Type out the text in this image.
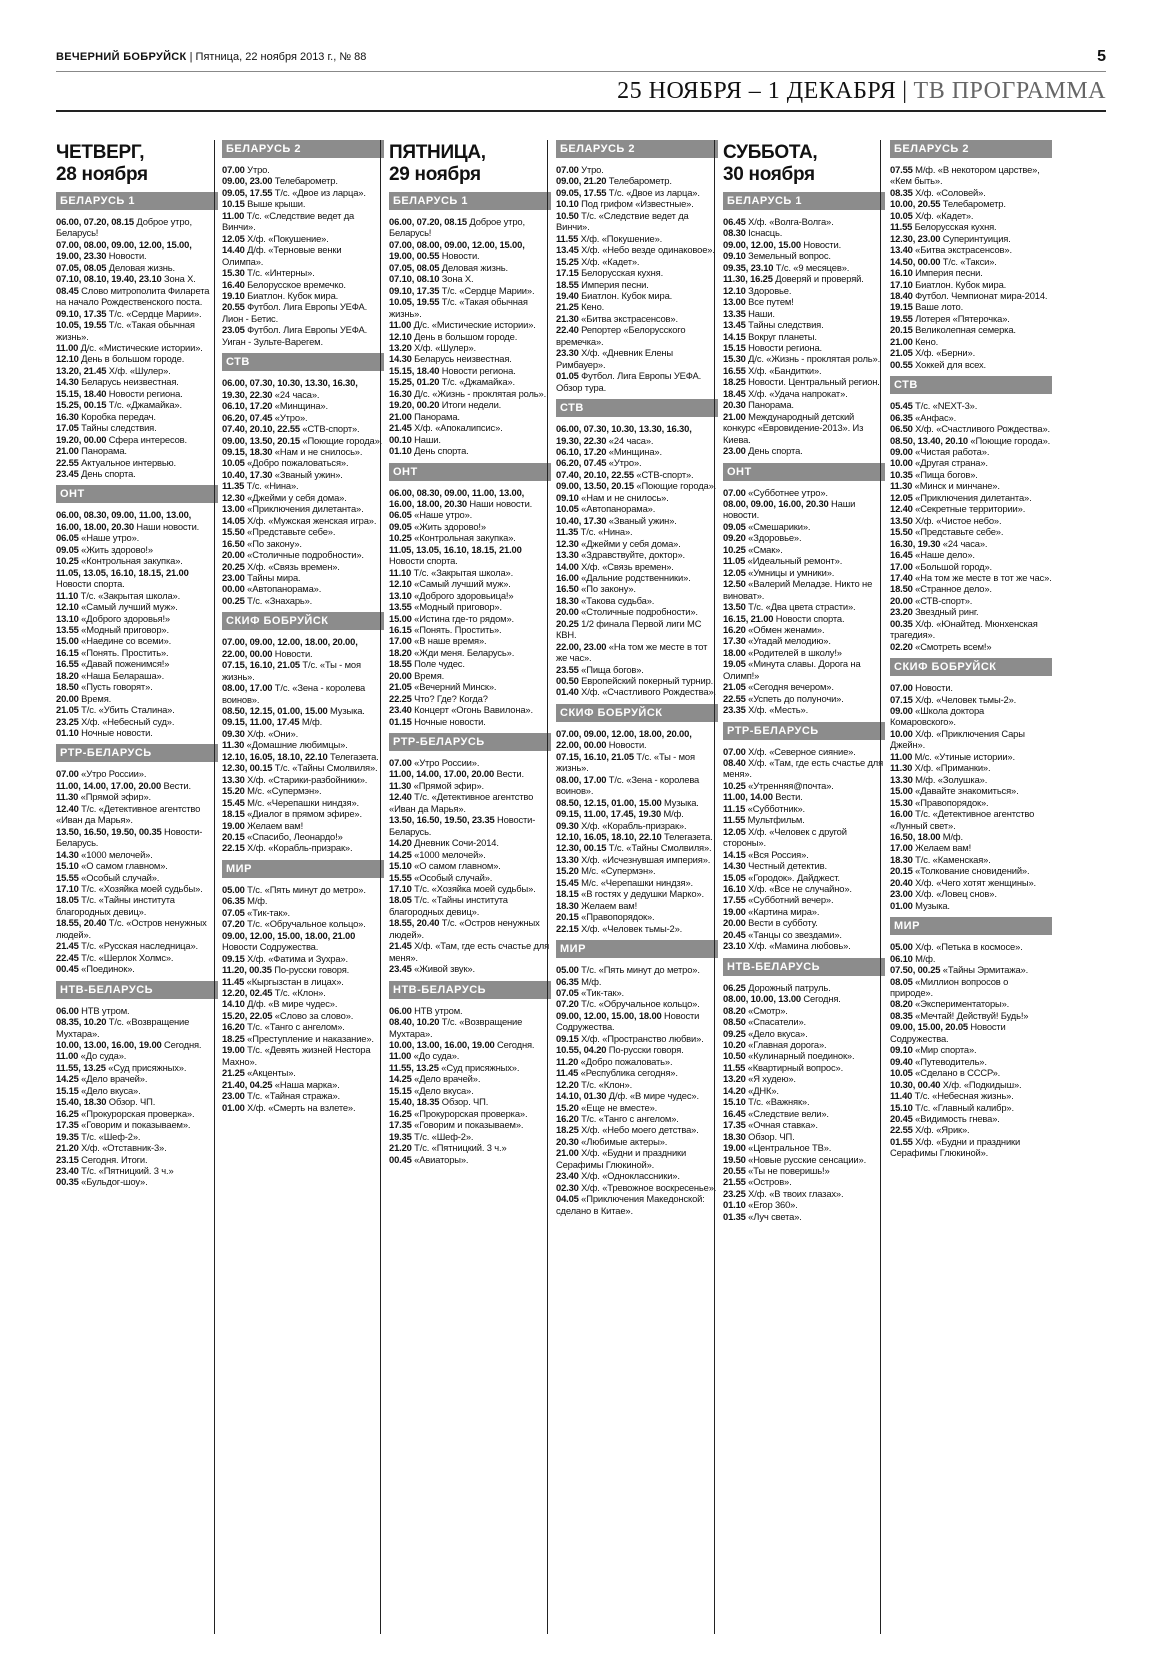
ВЕЧЕРНИЙ БОБРУЙСК | Пятница, 22 ноября 2013 г., № 88	5
25 НОЯБРЯ – 1 ДЕКАБРЯ | ТВ ПРОГРАММА
ЧЕТВЕРГ,
28 ноября
БЕЛАРУСЬ 1
06.00, 07.20, 08.15 Доброе утро, Беларусь!
07.00, 08.00, 09.00, 12.00, 15.00, 19.00, 23.30 Новости.
07.05, 08.05 Деловая жизнь.
07.10, 08.10, 19.40, 23.10 Зона Х.
08.45 Слово митрополита Филарета на начало Рождественского поста.
09.10, 17.35 Т/с. «Сердце Марии».
10.05, 19.55 Т/с. «Такая обычная жизнь».
11.00 Д/с. «Мистические истории».
12.10 День в большом городе.
13.20, 21.45 Х/ф. «Шулер».
14.30 Беларусь неизвестная.
15.15, 18.40 Новости региона.
15.25, 00.15 Т/с. «Джамайка».
16.30 Коробка передач.
17.05 Тайны следствия.
19.20, 00.00 Сфера интересов.
21.00 Панорама.
22.55 Актуальное интервью.
23.45 День спорта.
ОНТ
06.00, 08.30, 09.00, 11.00, 13.00, 16.00, 18.00, 20.30 Наши новости.
06.05 «Наше утро».
09.05 «Жить здорово!»
10.25 «Контрольная закупка».
11.05, 13.05, 16.10, 18.15, 21.00 Новости спорта.
11.10 Т/с. «Закрытая школа».
12.10 «Самый лучший муж».
13.10 «Доброго здоровья!»
13.55 «Модный приговор».
15.00 «Наедине со всеми».
16.15 «Понять. Простить».
16.55 «Давай поженимся!»
18.20 «Наша Белараша».
18.50 «Пусть говорят».
20.00 Время.
21.05 Т/с. «Убить Сталина».
23.25 Х/ф. «Небесный суд».
01.10 Ночные новости.
РТР-БЕЛАРУСЬ
07.00 «Утро России».
11.00, 14.00, 17.00, 20.00 Вести.
11.30 «Прямой эфир».
12.40 Т/с. «Детективное агентство «Иван да Марья».
13.50, 16.50, 19.50, 00.35 Новости-Беларусь.
14.30 «1000 мелочей».
15.10 «О самом главном».
15.55 «Особый случай».
17.10 Т/с. «Хозяйка моей судьбы».
18.05 Т/с. «Тайны института благородных девиц».
18.55, 20.40 Т/с. «Остров ненужных людей».
21.45 Т/с. «Русская наследница».
22.45 Т/с. «Шерлок Холмс».
00.45 «Поединок».
НТВ-БЕЛАРУСЬ
06.00 НТВ утром.
08.35, 10.20 Т/с. «Возвращение Мухтара».
10.00, 13.00, 16.00, 19.00 Сегодня.
11.00 «До суда».
11.55, 13.25 «Суд присяжных».
14.25 «Дело врачей».
15.15 «Дело вкуса».
15.40, 18.30 Обзор. ЧП.
16.25 «Прокурорская проверка».
17.35 «Говорим и показываем».
19.35 Т/с. «Шеф-2».
21.20 Х/ф. «Отставник-3».
23.15 Сегодня. Итоги.
23.40 Т/с. «Пятницкий. 3 ч.»
00.35 «Бульдог-шоу».
БЕЛАРУСЬ 2
07.00 Утро.
09.00, 23.00 Телебарометр.
09.05, 17.55 Т/с. «Двое из ларца».
10.15 Выше крыши.
11.00 Т/с. «Следствие ведет да Винчи».
12.05 Х/ф. «Покушение».
14.40 Д/ф. «Терновые венки Олимпа».
15.30 Т/с. «Интерны».
16.40 Белорусское времечко.
19.10 Биатлон. Кубок мира.
20.55 Футбол. Лига Европы УЕФА. Лион - Бетис.
23.05 Футбол. Лига Европы УЕФА. Уиган - Зульте-Варегем.
СТВ
06.00, 07.30, 10.30, 13.30, 16.30, 19.30, 22.30 «24 часа».
06.10, 17.20 «Минщина».
06.20, 07.45 «Утро».
07.40, 20.10, 22.55 «СТВ-спорт».
09.00, 13.50, 20.15 «Поющие города».
09.15, 18.30 «Нам и не снилось».
10.05 «Добро пожаловаться».
10.40, 17.30 «Званый ужин».
11.35 Т/с. «Нина».
12.30 «Джейми у себя дома».
13.00 «Приключения дилетанта».
14.05 Х/ф. «Мужская женская игра».
15.50 «Представьте себе».
16.50 «По закону».
20.00 «Столичные подробности».
20.25 Х/ф. «Связь времен».
23.00 Тайны мира.
00.00 «Автопанорама».
00.25 Т/с. «Знахарь».
СКИФ БОБРУЙСК
07.00, 09.00, 12.00, 18.00, 20.00, 22.00, 00.00 Новости.
07.15, 16.10, 21.05 Т/с. «Ты - моя жизнь».
08.00, 17.00 Т/с. «Зена - королева воинов».
08.50, 12.15, 01.00, 15.00 Музыка.
09.15, 11.00, 17.45 М/ф.
09.30 Х/ф. «Они».
11.30 «Домашние любимцы».
12.10, 16.05, 18.10, 22.10 Телегазета.
12.30, 00.15 Т/с. «Тайны Смолвиля».
13.30 Х/ф. «Старики-разбойники».
15.20 М/с. «Супермэн».
15.45 М/с. «Черепашки ниндзя».
18.15 «Диалог в прямом эфире».
19.00 Желаем вам!
20.15 «Спасибо, Леонардо!»
22.15 Х/ф. «Корабль-призрак».
МИР
05.00 Т/с. «Пять минут до метро».
06.35 М/ф.
07.05 «Тик-так».
07.20 Т/с. «Обручальное кольцо».
09.00, 12.00, 15.00, 18.00, 21.00 Новости Содружества.
09.15 Х/ф. «Фатима и Зухра».
11.20, 00.35 По-русски говоря.
11.45 «Кыргызстан в лицах».
12.20, 02.45 Т/с. «Клон».
14.10 Д/ф. «В мире чудес».
15.20, 22.05 «Слово за слово».
16.20 Т/с. «Танго с ангелом».
18.25 «Преступление и наказание».
19.00 Т/с. «Девять жизней Нестора Махно».
21.25 «Акценты».
21.40, 04.25 «Наша марка».
23.00 Т/с. «Тайная стража».
01.00 Х/ф. «Смерть на взлете».
ПЯТНИЦА,
29 ноября
БЕЛАРУСЬ 1
06.00, 07.20, 08.15 Доброе утро, Беларусь!
07.00, 08.00, 09.00, 12.00, 15.00, 19.00, 00.55 Новости.
07.05, 08.05 Деловая жизнь.
07.10, 08.10 Зона Х.
09.10, 17.35 Т/с. «Сердце Марии».
10.05, 19.55 Т/с. «Такая обычная жизнь».
11.00 Д/с. «Мистические истории».
12.10 День в большом городе.
13.20 Х/ф. «Шулер».
14.30 Беларусь неизвестная.
15.15, 18.40 Новости региона.
15.25, 01.20 Т/с. «Джамайка».
16.30 Д/с. «Жизнь - проклятая роль».
19.20, 00.20 Итоги недели.
21.00 Панорама.
21.45 Х/ф. «Апокалипсис».
00.10 Наши.
01.10 День спорта.
ОНТ
06.00, 08.30, 09.00, 11.00, 13.00, 16.00, 18.00, 20.30 Наши новости.
06.05 «Наше утро».
09.05 «Жить здорово!»
10.25 «Контрольная закупка».
11.05, 13.05, 16.10, 18.15, 21.00 Новости спорта.
11.10 Т/с. «Закрытая школа».
12.10 «Самый лучший муж».
13.10 «Доброго здоровьица!»
13.55 «Модный приговор».
15.00 «Истина где-то рядом».
16.15 «Понять. Простить».
17.00 «В наше время».
18.20 «Жди меня. Беларусь».
18.55 Поле чудес.
20.00 Время.
21.05 «Вечерний Минск».
22.25 Что? Где? Когда?
23.40 Концерт «Огонь Вавилона».
01.15 Ночные новости.
РТР-БЕЛАРУСЬ
07.00 «Утро России».
11.00, 14.00, 17.00, 20.00 Вести.
11.30 «Прямой эфир».
12.40 Т/с. «Детективное агентство «Иван да Марья».
13.50, 16.50, 19.50, 23.35 Новости-Беларусь.
14.20 Дневник Сочи-2014.
14.25 «1000 мелочей».
15.10 «О самом главном».
15.55 «Особый случай».
17.10 Т/с. «Хозяйка моей судьбы».
18.05 Т/с. «Тайны института благородных девиц».
18.55, 20.40 Т/с. «Остров ненужных людей».
21.45 Х/ф. «Там, где есть счастье для меня».
23.45 «Живой звук».
НТВ-БЕЛАРУСЬ
06.00 НТВ утром.
08.40, 10.20 Т/с. «Возвращение Мухтара».
10.00, 13.00, 16.00, 19.00 Сегодня.
11.00 «До суда».
11.55, 13.25 «Суд присяжных».
14.25 «Дело врачей».
15.15 «Дело вкуса».
15.40, 18.35 Обзор. ЧП.
16.25 «Прокурорская проверка».
17.35 «Говорим и показываем».
19.35 Т/с. «Шеф-2».
21.20 Т/с. «Пятницкий. 3 ч.»
00.45 «Авиаторы».
БЕЛАРУСЬ 2
07.00 Утро.
09.00, 21.20 Телебарометр.
09.05, 17.55 Т/с. «Двое из ларца».
10.10 Под грифом «Известные».
10.50 Т/с. «Следствие ведет да Винчи».
11.55 Х/ф. «Покушение».
13.45 Х/ф. «Небо везде одинаковое».
15.25 Х/ф. «Кадет».
17.15 Белорусская кухня.
18.55 Империя песни.
19.40 Биатлон. Кубок мира.
21.25 Кено.
21.30 «Битва экстрасенсов».
22.40 Репортер «Белорусского времечка».
23.30 Х/ф. «Дневник Елены Римбауер».
01.05 Футбол. Лига Европы УЕФА. Обзор тура.
СТВ
06.00, 07.30, 10.30, 13.30, 16.30, 19.30, 22.30 «24 часа».
06.10, 17.20 «Минщина».
06.20, 07.45 «Утро».
07.40, 20.10, 22.55 «СТВ-спорт».
09.00, 13.50, 20.15 «Поющие города».
09.10 «Нам и не снилось».
10.05 «Автопанорама».
10.40, 17.30 «Званый ужин».
11.35 Т/с. «Нина».
12.30 «Джейми у себя дома».
13.30 «Здравствуйте, доктор».
14.00 Х/ф. «Связь времен».
16.00 «Дальние родственники».
16.50 «По закону».
18.30 «Такова судьба».
20.00 «Столичные подробности».
20.25 1/2 финала Первой лиги МС КВН.
22.00, 23.00 «На том же месте в тот же час».
23.55 «Пища богов».
00.50 Европейский покерный турнир.
01.40 Х/ф. «Счастливого Рождества».
СКИФ БОБРУЙСК
07.00, 09.00, 12.00, 18.00, 20.00, 22.00, 00.00 Новости.
07.15, 16.10, 21.05 Т/с. «Ты - моя жизнь».
08.00, 17.00 Т/с. «Зена - королева воинов».
08.50, 12.15, 01.00, 15.00 Музыка.
09.15, 11.00, 17.45, 19.30 М/ф.
09.30 Х/ф. «Корабль-призрак».
12.10, 16.05, 18.10, 22.10 Телегазета.
12.30, 00.15 Т/с. «Тайны Смолвиля».
13.30 Х/ф. «Исчезнувшая империя».
15.20 М/с. «Супермэн».
15.45 М/с. «Черепашки ниндзя».
18.15 «В гостях у дедушки Марко».
18.30 Желаем вам!
20.15 «Правопорядок».
22.15 Х/ф. «Человек тьмы-2».
МИР
05.00 Т/с. «Пять минут до метро».
06.35 М/ф.
07.05 «Тик-так».
07.20 Т/с. «Обручальное кольцо».
09.00, 12.00, 15.00, 18.00 Новости Содружества.
09.15 Х/ф. «Пространство любви».
10.55, 04.20 По-русски говоря.
11.20 «Добро пожаловать».
11.45 «Республика сегодня».
12.20 Т/с. «Клон».
14.10, 01.30 Д/ф. «В мире чудес».
15.20 «Еще не вместе».
16.20 Т/с. «Танго с ангелом».
18.25 Х/ф. «Небо моего детства».
20.30 «Любимые актеры».
21.00 Х/ф. «Будни и праздники Серафимы Глюкиной».
23.40 Х/ф. «Одноклассники».
02.30 Х/ф. «Тревожное воскресенье».
04.05 «Приключения Македонской: сделано в Китае».
СУББОТА,
30 ноября
БЕЛАРУСЬ 1
06.45 Х/ф. «Волга-Волга».
08.30 Існасць.
09.00, 12.00, 15.00 Новости.
09.10 Земельный вопрос.
09.35, 23.10 Т/с. «9 месяцев».
11.30, 16.25 Доверяй и проверяй.
12.10 Здоровье.
13.00 Все путем!
13.35 Наши.
13.45 Тайны следствия.
14.15 Вокруг планеты.
15.15 Новости региона.
15.30 Д/с. «Жизнь - проклятая роль».
16.55 Х/ф. «Бандитки».
18.25 Новости. Центральный регион.
18.45 Х/ф. «Удача напрокат».
20.30 Панорама.
21.00 Международный детский конкурс «Евровидение-2013». Из Киева.
23.00 День спорта.
ОНТ
07.00 «Субботнее утро».
08.00, 09.00, 16.00, 20.30 Наши новости.
09.05 «Смешарики».
09.20 «Здоровье».
10.25 «Смак».
11.05 «Идеальный ремонт».
12.05 «Умницы и умники».
12.50 «Валерий Меладзе. Никто не виноват».
13.50 Т/с. «Два цвета страсти».
16.15, 21.00 Новости спорта.
16.20 «Обмен женами».
17.30 «Угадай мелодию».
18.00 «Родителей в школу!»
19.05 «Минута славы. Дорога на Олимп!»
21.05 «Сегодня вечером».
22.55 «Успеть до полуночи».
23.35 Х/ф. «Месть».
РТР-БЕЛАРУСЬ
07.00 Х/ф. «Северное сияние».
08.40 Х/ф. «Там, где есть счастье для меня».
10.25 «Утренняя@почта».
11.00, 14.00 Вести.
11.15 «Субботник».
11.55 Мультфильм.
12.05 Х/ф. «Человек с другой стороны».
14.15 «Вся Россия».
14.30 Честный детектив.
15.05 «Городок». Дайджест.
16.10 Х/ф. «Все не случайно».
17.55 «Субботний вечер».
19.00 «Картина мира».
20.00 Вести в субботу.
20.45 «Танцы со звездами».
23.10 Х/ф. «Мамина любовь».
НТВ-БЕЛАРУСЬ
06.25 Дорожный патруль.
08.00, 10.00, 13.00 Сегодня.
08.20 «Смотр».
08.50 «Спасатели».
09.25 «Дело вкуса».
10.20 «Главная дорога».
10.50 «Кулинарный поединок».
11.55 «Квартирный вопрос».
13.20 «Я худею».
14.20 «ДНК».
15.10 Т/с. «Важняк».
16.45 «Следствие вели».
17.35 «Очная ставка».
18.30 Обзор. ЧП.
19.00 «Центральное ТВ».
19.50 «Новые русские сенсации».
20.55 «Ты не поверишь!»
21.55 «Остров».
23.25 Х/ф. «В твоих глазах».
01.10 «Егор 360».
01.35 «Луч света».
БЕЛАРУСЬ 2
07.55 М/ф. «В некотором царстве», «Кем быть».
08.35 Х/ф. «Соловей».
10.00, 20.55 Телебарометр.
10.05 Х/ф. «Кадет».
11.55 Белорусская кухня.
12.30, 23.00 Суперинтуиция.
13.40 «Битва экстрасенсов».
14.50, 00.00 Т/с. «Такси».
16.10 Империя песни.
17.10 Биатлон. Кубок мира.
18.40 Футбол. Чемпионат мира-2014.
19.15 Ваше лото.
19.55 Лотерея «Пятерочка».
20.15 Великолепная семерка.
21.00 Кено.
21.05 Х/ф. «Берни».
00.55 Хоккей для всех.
СТВ
05.45 Т/с. «NEXT-3».
06.35 «Анфас».
06.50 Х/ф. «Счастливого Рождества».
08.50, 13.40, 20.10 «Поющие города».
09.00 «Чистая работа».
10.00 «Другая страна».
10.35 «Пища богов».
11.30 «Минск и минчане».
12.05 «Приключения дилетанта».
12.40 «Секретные территории».
13.50 Х/ф. «Чистое небо».
15.50 «Представьте себе».
16.30, 19.30 «24 часа».
16.45 «Наше дело».
17.00 «Большой город».
17.40 «На том же месте в тот же час».
18.50 «Странное дело».
20.00 «СТВ-спорт».
23.20 Звездный ринг.
00.35 Х/ф. «Юнайтед. Мюнхенская трагедия».
02.20 «Смотреть всем!»
СКИФ БОБРУЙСК
07.00 Новости.
07.15 Х/ф. «Человек тьмы-2».
09.00 «Школа доктора Комаровского».
10.00 Х/ф. «Приключения Сары Джейн».
11.00 М/с. «Утиные истории».
11.30 Х/ф. «Приманки».
13.30 М/ф. «Золушка».
15.00 «Давайте знакомиться».
15.30 «Правопорядок».
16.00 Т/с. «Детективное агентство «Лунный свет».
16.50, 18.00 М/ф.
17.00 Желаем вам!
18.30 Т/с. «Каменская».
20.15 «Толкование сновидений».
20.40 Х/ф. «Чего хотят женщины».
23.00 Х/ф. «Ловец снов».
01.00 Музыка.
МИР
05.00 Х/ф. «Петька в космосе».
06.10 М/ф.
07.50, 00.25 «Тайны Эрмитажа».
08.05 «Миллион вопросов о природе».
08.20 «Экспериментаторы».
08.35 «Мечтай! Действуй! Будь!»
09.00, 15.00, 20.05 Новости Содружества.
09.10 «Мир спорта».
09.40 «Путеводитель».
10.05 «Сделано в СССР».
10.30, 00.40 Х/ф. «Подкидыш».
11.40 Т/с. «Небесная жизнь».
15.10 Т/с. «Главный калибр».
20.45 «Видимость гнева».
22.55 Х/ф. «Ярик».
01.55 Х/ф. «Будни и праздники Серафимы Глюкиной».
